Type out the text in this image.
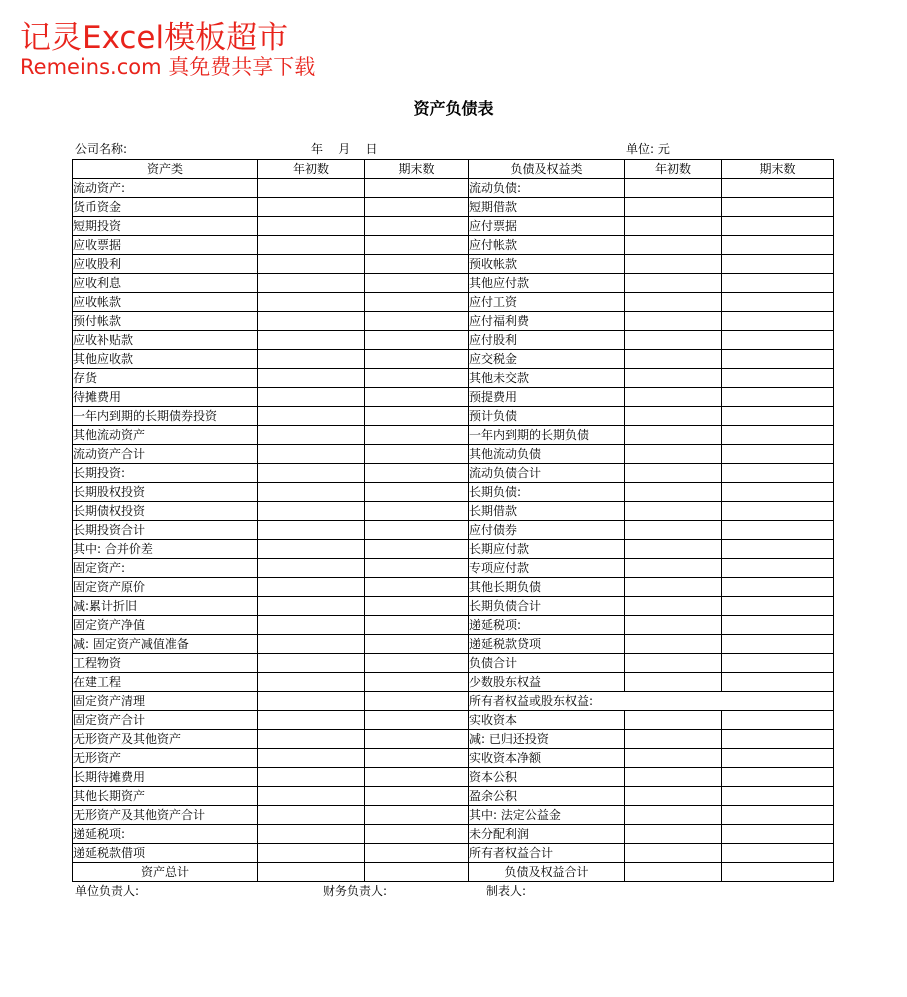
记灵Excel模板超市
Remeins.com 真免费共享下载
资产负债表
公司名称:	年    月    日	单位: 元
资产类	年初数	期末数	负债及权益类	年初数	期末数
流动资产:			流动负债:		
货币资金			短期借款		
短期投资			应付票据		
应收票据			应付帐款		
应收股利			预收帐款		
应收利息			其他应付款		
应收帐款			应付工资		
预付帐款			应付福利费		
应收补贴款			应付股利		
其他应收款			应交税金		
存货			其他未交款		
待摊费用			预提费用		
一年内到期的长期债券投资			预计负债		
其他流动资产			一年内到期的长期负债		
流动资产合计			其他流动负债		
长期投资:			流动负债合计		
长期股权投资			长期负债:		
长期债权投资			长期借款		
长期投资合计			应付债券		
其中: 合并价差			长期应付款		
固定资产:			专项应付款		
固定资产原价			其他长期负债		
减:累计折旧			长期负债合计		
固定资产净值			递延税项:		
减: 固定资产减值准备			递延税款贷项		
工程物资			负债合计		
在建工程			少数股东权益		
固定资产清理			所有者权益或股东权益:		
固定资产合计			实收资本		
无形资产及其他资产			减: 已归还投资		
无形资产			实收资本净额		
长期待摊费用			资本公积		
其他长期资产			盈余公积		
无形资产及其他资产合计			其中: 法定公益金		
递延税项:			未分配利润		
递延税款借项			所有者权益合计		
资产总计			负债及权益合计		
单位负责人:	财务负责人:	制表人:
